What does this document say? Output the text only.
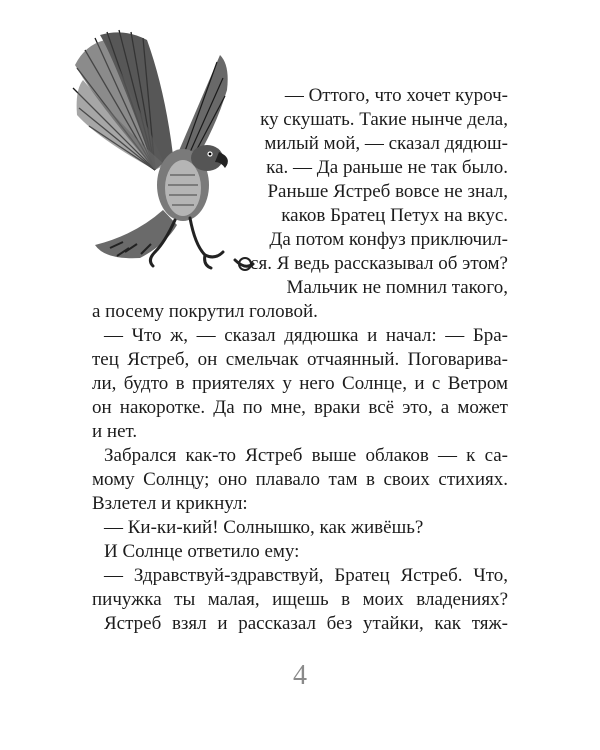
— Оттого, что хочет куроч-
ку скушать. Такие нынче дела,
милый мой, — сказал дядюш-
ка. — Да раньше не так было.
Раньше Ястреб вовсе не знал,
каков Братец Петух на вкус.
Да потом конфуз приключил-
ся. Я ведь рассказывал об этом?
Мальчик не помнил такого,
а посему покрутил головой.
— Что ж, — сказал дядюшка и начал: — Бра-
тец Ястреб, он смельчак отчаянный. Поговарива-
ли, будто в приятелях у него Солнце, и с Ветром
он накоротке. Да по мне, враки всё это, а может
и нет.
Забрался как-то Ястреб выше облаков — к са-
мому Солнцу; оно плавало там в своих стихиях.
Взлетел и крикнул:
— Ки-ки-кий! Солнышко, как живёшь?
И Солнце ответило ему:
— Здравствуй-здравствуй, Братец Ястреб. Что,
пичужка ты малая, ищешь в моих владениях?
Ястреб взял и рассказал без утайки, как тяж-
4
